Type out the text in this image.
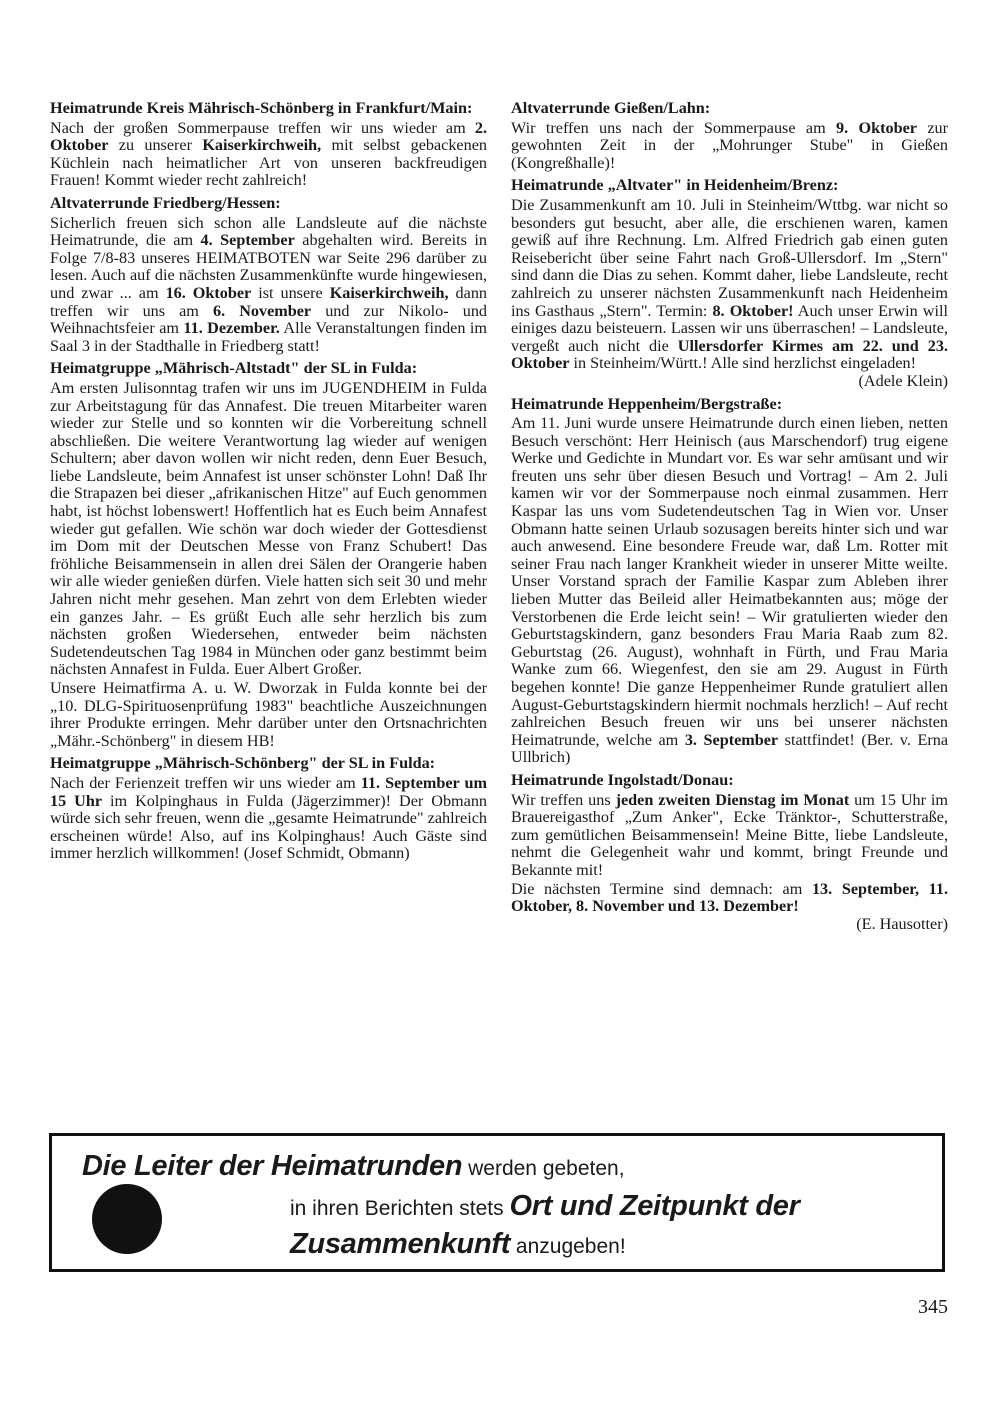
Heimatrunde Kreis Mährisch-Schönberg in Frankfurt/Main:

Nach der großen Sommerpause treffen wir uns wieder am 2. Oktober zu unserer Kaiserkirchweih, mit selbst gebackenen Küchlein nach heimatlicher Art von unseren backfreudigen Frauen! Kommt wieder recht zahlreich!

Altvaterrunde Friedberg/Hessen:

Sicherlich freuen sich schon alle Landsleute auf die nächste Heimatrunde, die am 4. September abgehalten wird. Bereits in Folge 7/8-83 unseres HEIMATBOTEN war Seite 296 darüber zu lesen. Auch auf die nächsten Zusammenkünfte wurde hingewiesen, und zwar ... am 16. Oktober ist unsere Kaiserkirchweih, dann treffen wir uns am 6. November und zur Nikolo- und Weihnachtsfeier am 11. Dezember. Alle Veranstaltungen finden im Saal 3 in der Stadthalle in Friedberg statt!

Heimatgruppe „Mährisch-Altstadt" der SL in Fulda:

Am ersten Julisonntag trafen wir uns im JUGENDHEIM in Fulda zur Arbeitstagung für das Annafest. Die treuen Mitarbeiter waren wieder zur Stelle und so konnten wir die Vorbereitung schnell abschließen. Die weitere Verantwortung lag wieder auf wenigen Schultern; aber davon wollen wir nicht reden, denn Euer Besuch, liebe Landsleute, beim Annafest ist unser schönster Lohn! Daß Ihr die Strapazen bei dieser „afrikanischen Hitze" auf Euch genommen habt, ist höchst lobenswert! Hoffentlich hat es Euch beim Annafest wieder gut gefallen. Wie schön war doch wieder der Gottesdienst im Dom mit der Deutschen Messe von Franz Schubert! Das fröhliche Beisammensein in allen drei Sälen der Orangerie haben wir alle wieder genießen dürfen. Viele hatten sich seit 30 und mehr Jahren nicht mehr gesehen. Man zehrt von dem Erlebten wieder ein ganzes Jahr. – Es grüßt Euch alle sehr herzlich bis zum nächsten großen Wiedersehen, entweder beim nächsten Sudetendeutschen Tag 1984 in München oder ganz bestimmt beim nächsten Annafest in Fulda. Euer Albert Großer.

Unsere Heimatfirma A. u. W. Dworzak in Fulda konnte bei der „10. DLG-Spirituosenprüfung 1983" beachtliche Auszeichnungen ihrer Produkte erringen. Mehr darüber unter den Ortsnachrichten „Mähr.-Schönberg" in diesem HB!

Heimatgruppe „Mährisch-Schönberg" der SL in Fulda:

Nach der Ferienzeit treffen wir uns wieder am 11. September um 15 Uhr im Kolpinghaus in Fulda (Jägerzimmer)! Der Obmann würde sich sehr freuen, wenn die „gesamte Heimatrunde" zahlreich erscheinen würde! Also, auf ins Kolpinghaus! Auch Gäste sind immer herzlich willkommen! (Josef Schmidt, Obmann)

Altvaterrunde Gießen/Lahn:

Wir treffen uns nach der Sommerpause am 9. Oktober zur gewohnten Zeit in der „Mohrunger Stube" in Gießen (Kongreßhalle)!

Heimatrunde „Altvater" in Heidenheim/Brenz:

Die Zusammenkunft am 10. Juli in Steinheim/Wttbg. war nicht so besonders gut besucht, aber alle, die erschienen waren, kamen gewiß auf ihre Rechnung. Lm. Alfred Friedrich gab einen guten Reisebericht über seine Fahrt nach Groß-Ullersdorf. Im „Stern" sind dann die Dias zu sehen. Kommt daher, liebe Landsleute, recht zahlreich zu unserer nächsten Zusammenkunft nach Heidenheim ins Gasthaus „Stern". Termin: 8. Oktober! Auch unser Erwin will einiges dazu beisteuern. Lassen wir uns überraschen! – Landsleute, vergeßt auch nicht die Ullersdorfer Kirmes am 22. und 23. Oktober in Steinheim/Württ.! Alle sind herzlichst eingeladen!
(Adele Klein)

Heimatrunde Heppenheim/Bergstraße:

Am 11. Juni wurde unsere Heimatrunde durch einen lieben, netten Besuch verschönt: Herr Heinisch (aus Marschendorf) trug eigene Werke und Gedichte in Mundart vor. Es war sehr amüsant und wir freuten uns sehr über diesen Besuch und Vortrag! – Am 2. Juli kamen wir vor der Sommerpause noch einmal zusammen. Herr Kaspar las uns vom Sudetendeutschen Tag in Wien vor. Unser Obmann hatte seinen Urlaub sozusagen bereits hinter sich und war auch anwesend. Eine besondere Freude war, daß Lm. Rotter mit seiner Frau nach langer Krankheit wieder in unserer Mitte weilte. Unser Vorstand sprach der Familie Kaspar zum Ableben ihrer lieben Mutter das Beileid aller Heimatbekannten aus; möge der Verstorbenen die Erde leicht sein! – Wir gratulierten wieder den Geburtstagskindern, ganz besonders Frau Maria Raab zum 82. Geburtstag (26. August), wohnhaft in Fürth, und Frau Maria Wanke zum 66. Wiegenfest, den sie am 29. August in Fürth begehen konnte! Die ganze Heppenheimer Runde gratuliert allen August-Geburtstagskindern hiermit nochmals herzlich! – Auf recht zahlreichen Besuch freuen wir uns bei unserer nächsten Heimatrunde, welche am 3. September stattfindet! (Ber. v. Erna Ullbrich)

Heimatrunde Ingolstadt/Donau:

Wir treffen uns jeden zweiten Dienstag im Monat um 15 Uhr im Brauereigasthof „Zum Anker", Ecke Tränktor-, Schutterstraße, zum gemütlichen Beisammensein! Meine Bitte, liebe Landsleute, nehmt die Gelegenheit wahr und kommt, bringt Freunde und Bekannte mit!

Die nächsten Termine sind demnach: am 13. September, 11. Oktober, 8. November und 13. Dezember!
(E. Hausotter)

Die Leiter der Heimatrunden werden gebeten,
in ihren Berichten stets Ort und Zeitpunkt der
Zusammenkunft anzugeben!
345
